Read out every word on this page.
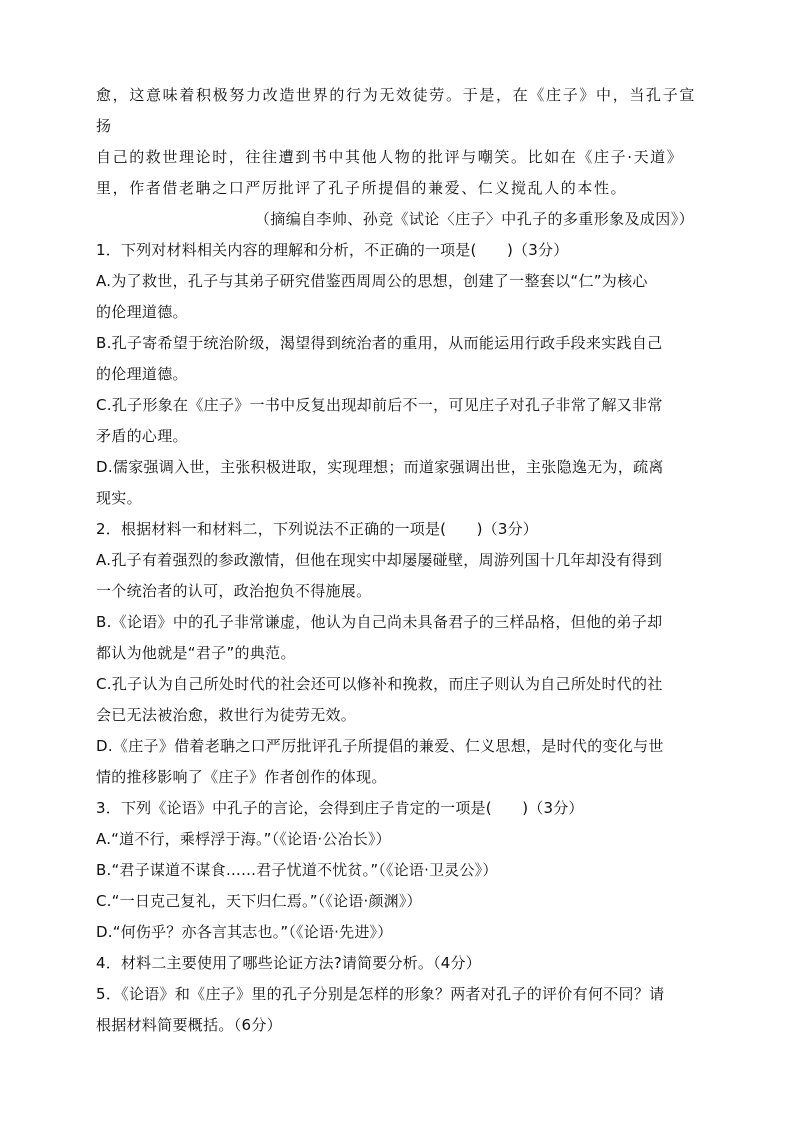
愈，这意味着积极努力改造世界的行为无效徒劳。于是，在《庄子》中，当孔子宣扬

自己的救世理论时，往往遭到书中其他人物的批评与嘲笑。比如在《庄子·天道》

里，作者借老聃之口严厉批评了孔子所提倡的兼爱、仁义搅乱人的本性。

（摘编自李帅、孙竞《试论〈庄子〉中孔子的多重形象及成因》）

1．下列对材料相关内容的理解和分析，不正确的一项是(　　)（3分）

A.为了救世，孔子与其弟子研究借鉴西周周公的思想，创建了一整套以“仁”为核心

的伦理道德。

B.孔子寄希望于统治阶级，渴望得到统治者的重用，从而能运用行政手段来实践自己

的伦理道德。

C.孔子形象在《庄子》一书中反复出现却前后不一，可见庄子对孔子非常了解又非常

矛盾的心理。

D.儒家强调入世，主张积极进取，实现理想；而道家强调出世，主张隐逸无为，疏离

现实。

2．根据材料一和材料二，下列说法不正确的一项是(　　)（3分）

A.孔子有着强烈的参政激情，但他在现实中却屡屡碰壁，周游列国十几年却没有得到

一个统治者的认可，政治抱负不得施展。

B.《论语》中的孔子非常谦虚，他认为自己尚未具备君子的三样品格，但他的弟子却

都认为他就是“君子”的典范。

C.孔子认为自己所处时代的社会还可以修补和挽救，而庄子则认为自己所处时代的社

会已无法被治愈，救世行为徒劳无效。

D.《庄子》借着老聃之口严厉批评孔子所提倡的兼爱、仁义思想，是时代的变化与世

情的推移影响了《庄子》作者创作的体现。

3．下列《论语》中孔子的言论，会得到庄子肯定的一项是(　　)（3分）

A.“道不行，乘桴浮于海。”（《论语·公冶长》）

B.“君子谋道不谋食……君子忧道不忧贫。”（《论语·卫灵公》）

C.“一日克己复礼，天下归仁焉。”（《论语·颜渊》）

D.“何伤乎？亦各言其志也。”（《论语·先进》）

4．材料二主要使用了哪些论证方法?请简要分析。（4分）

5．《论语》和《庄子》里的孔子分别是怎样的形象？两者对孔子的评价有何不同？请

根据材料简要概括。（6分）
